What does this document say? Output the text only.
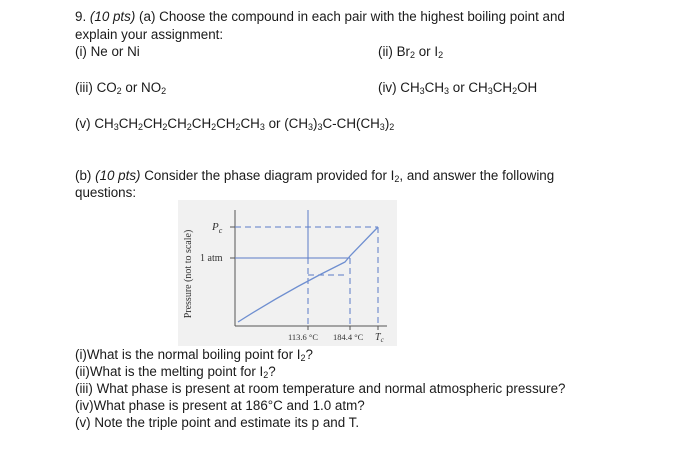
9. (10 pts) (a) Choose the compound in each pair with the highest boiling point and
explain your assignment:
(i) Ne or Ni	(ii) $Br_2$ or $I_2$
(iii) $CO_2$ or $NO_2$	(iv) $CH_3CH_3$ or $CH_3CH_2OH$
(v) $CH_3CH_2CH_2CH_2CH_2CH_2CH_3$ or $(CH_3)_3C-CH(CH_3)_2$
(b) (10 pts) Consider the phase diagram provided for $I_2$, and answer the following
questions:
Pressure (not to scale)
$P_c$
1 atm
113.6 °C 184.4 °C $T_c$
(i)What is the normal boiling point for $I_2$?
(ii)What is the melting point for $I_2$?
(iii) What phase is present at room temperature and normal atmospheric pressure?
(iv)What phase is present at 186°C and 1.0 atm?
(v) Note the triple point and estimate its p and T.
